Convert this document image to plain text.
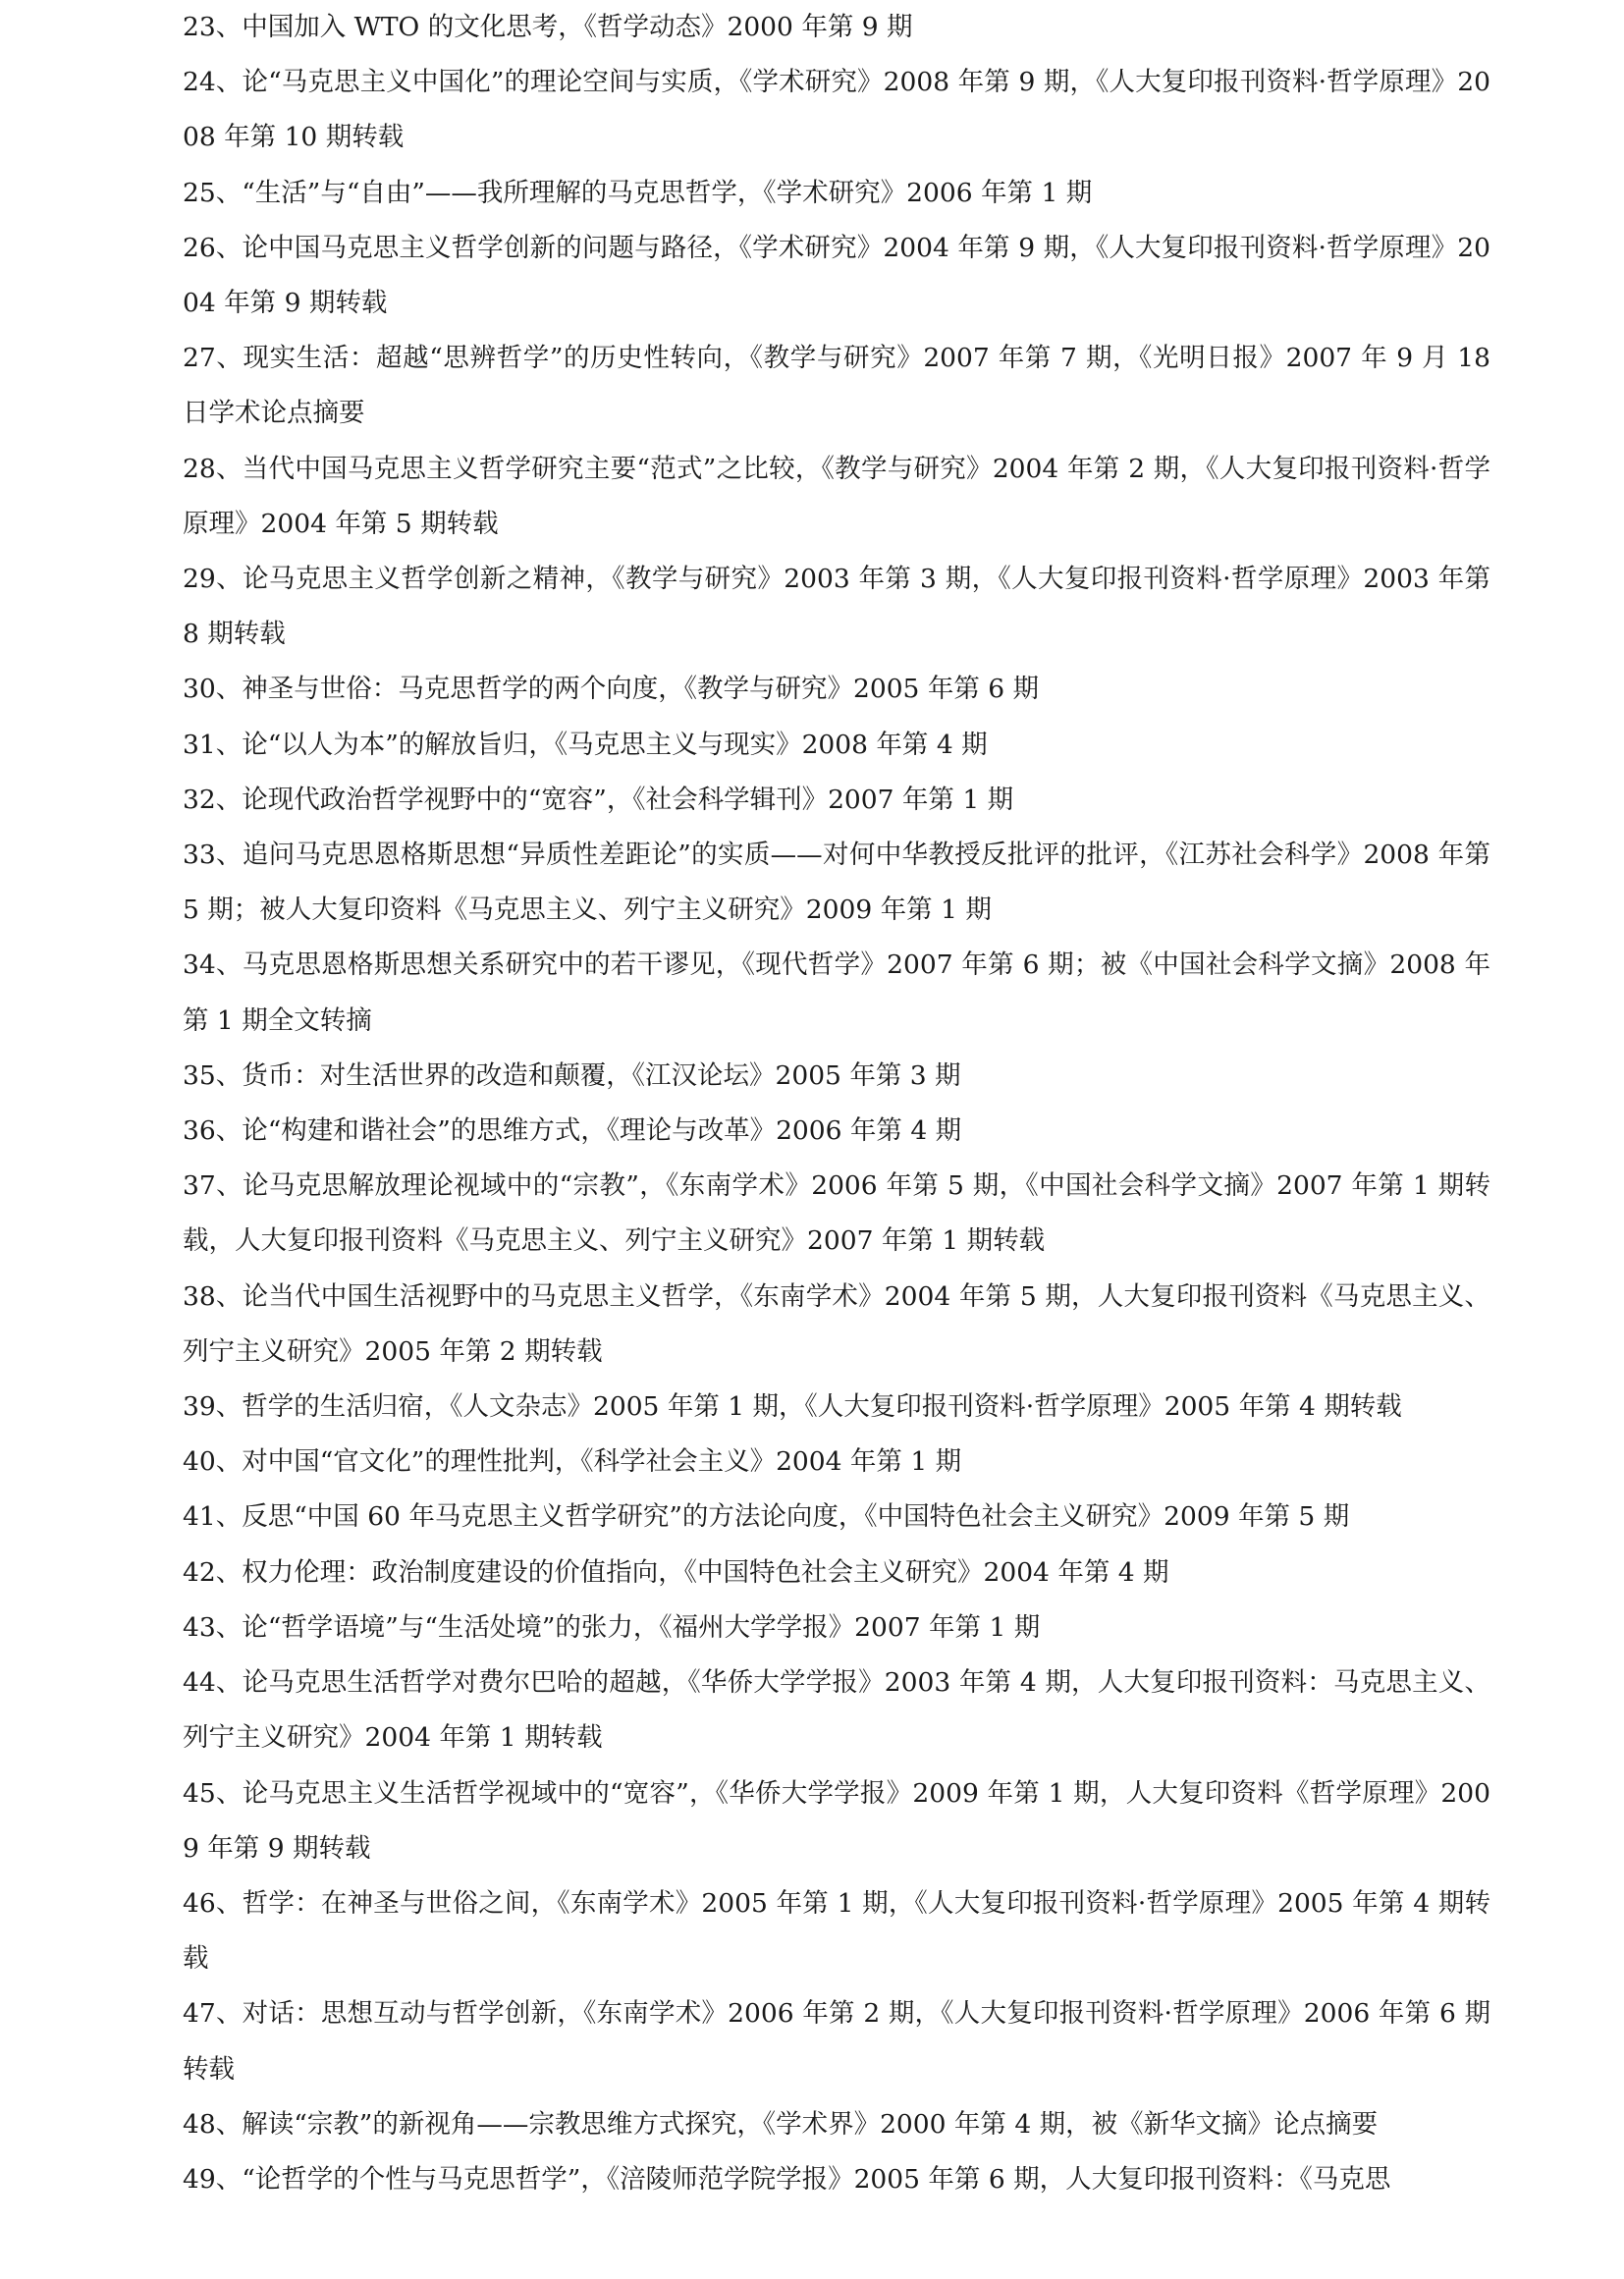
23、中国加入 WTO 的文化思考，《哲学动态》2000 年第 9 期

24、论“马克思主义中国化”的理论空间与实质，《学术研究》2008 年第 9 期，《人大复印报刊资料·哲学原理》2008 年第 10 期转载

25、“生活”与“自由”——我所理解的马克思哲学，《学术研究》2006 年第 1 期

26、论中国马克思主义哲学创新的问题与路径，《学术研究》2004 年第 9 期，《人大复印报刊资料·哲学原理》2004 年第 9 期转载

27、现实生活：超越“思辨哲学”的历史性转向，《教学与研究》2007 年第 7 期，《光明日报》2007 年 9 月 18 日学术论点摘要

28、当代中国马克思主义哲学研究主要“范式”之比较，《教学与研究》2004 年第 2 期，《人大复印报刊资料·哲学原理》2004 年第 5 期转载

29、论马克思主义哲学创新之精神，《教学与研究》2003 年第 3 期，《人大复印报刊资料·哲学原理》2003 年第 8 期转载

30、神圣与世俗：马克思哲学的两个向度，《教学与研究》2005 年第 6 期

31、论“以人为本”的解放旨归，《马克思主义与现实》2008 年第 4 期

32、论现代政治哲学视野中的“宽容”，《社会科学辑刊》2007 年第 1 期

33、追问马克思恩格斯思想“异质性差距论”的实质——对何中华教授反批评的批评，《江苏社会科学》2008 年第 5 期；被人大复印资料《马克思主义、列宁主义研究》2009 年第 1 期

34、马克思恩格斯思想关系研究中的若干谬见，《现代哲学》2007 年第 6 期；被《中国社会科学文摘》2008 年第 1 期全文转摘

35、货币：对生活世界的改造和颠覆，《江汉论坛》2005 年第 3 期

36、论“构建和谐社会”的思维方式，《理论与改革》2006 年第 4 期

37、论马克思解放理论视域中的“宗教”，《东南学术》2006 年第 5 期，《中国社会科学文摘》2007 年第 1 期转载，人大复印报刊资料《马克思主义、列宁主义研究》2007 年第 1 期转载

38、论当代中国生活视野中的马克思主义哲学，《东南学术》2004 年第 5 期，人大复印报刊资料《马克思主义、列宁主义研究》2005 年第 2 期转载

39、哲学的生活归宿，《人文杂志》2005 年第 1 期，《人大复印报刊资料·哲学原理》2005 年第 4 期转载

40、对中国“官文化”的理性批判，《科学社会主义》2004 年第 1 期

41、反思“中国 60 年马克思主义哲学研究”的方法论向度，《中国特色社会主义研究》2009 年第 5 期

42、权力伦理：政治制度建设的价值指向，《中国特色社会主义研究》2004 年第 4 期

43、论“哲学语境”与“生活处境”的张力，《福州大学学报》2007 年第 1 期

44、论马克思生活哲学对费尔巴哈的超越，《华侨大学学报》2003 年第 4 期，人大复印报刊资料：马克思主义、列宁主义研究》2004 年第 1 期转载

45、论马克思主义生活哲学视域中的“宽容”，《华侨大学学报》2009 年第 1 期，人大复印资料《哲学原理》2009 年第 9 期转载

46、哲学：在神圣与世俗之间，《东南学术》2005 年第 1 期，《人大复印报刊资料·哲学原理》2005 年第 4 期转载

47、对话：思想互动与哲学创新，《东南学术》2006 年第 2 期，《人大复印报刊资料·哲学原理》2006 年第 6 期转载

48、解读“宗教”的新视角——宗教思维方式探究，《学术界》2000 年第 4 期，被《新华文摘》论点摘要

49、“论哲学的个性与马克思哲学”，《涪陵师范学院学报》2005 年第 6 期，人大复印报刊资料：《马克思
